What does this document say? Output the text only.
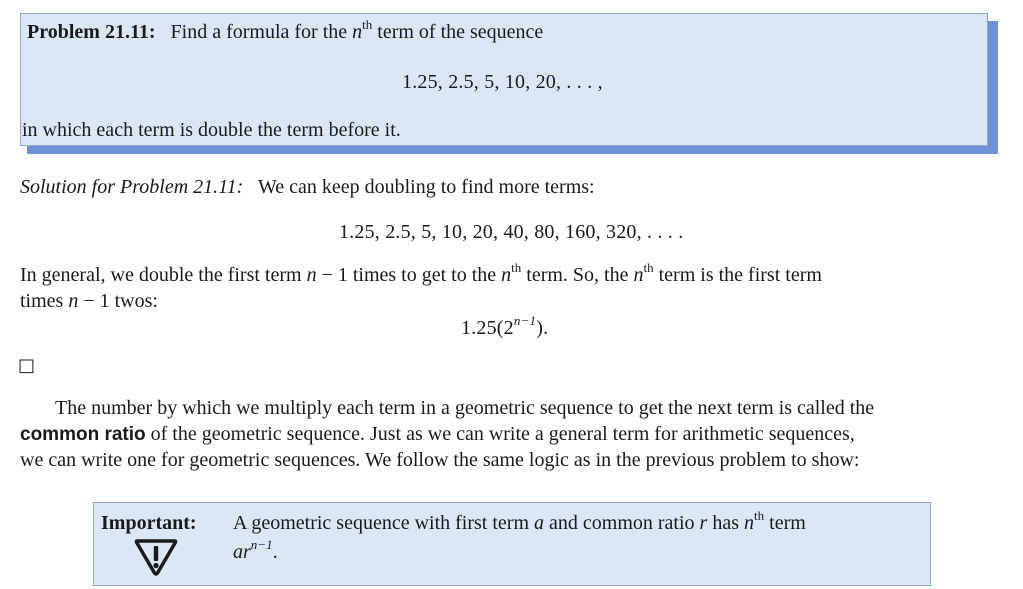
Problem 21.11: Find a formula for the $n^{th}$ term of the sequence
1.25, 2.5, 5, 10, 20, . . . ,
in which each term is double the term before it.
Solution for Problem 21.11: We can keep doubling to find more terms:
1.25, 2.5, 5, 10, 20, 40, 80, 160, 320, . . . .
In general, we double the first term n − 1 times to get to the $n^{th}$ term. So, the $n^{th}$ term is the first term
times n − 1 twos:
$1.25(2^{n-1})$.
□
The number by which we multiply each term in a geometric sequence to get the next term is called the
common ratio of the geometric sequence. Just as we can write a general term for arithmetic sequences,
we can write one for geometric sequences. We follow the same logic as in the previous problem to show:
Important: A geometric sequence with first term a and common ratio r has $n^{th}$ term
$ar^{n-1}$.
